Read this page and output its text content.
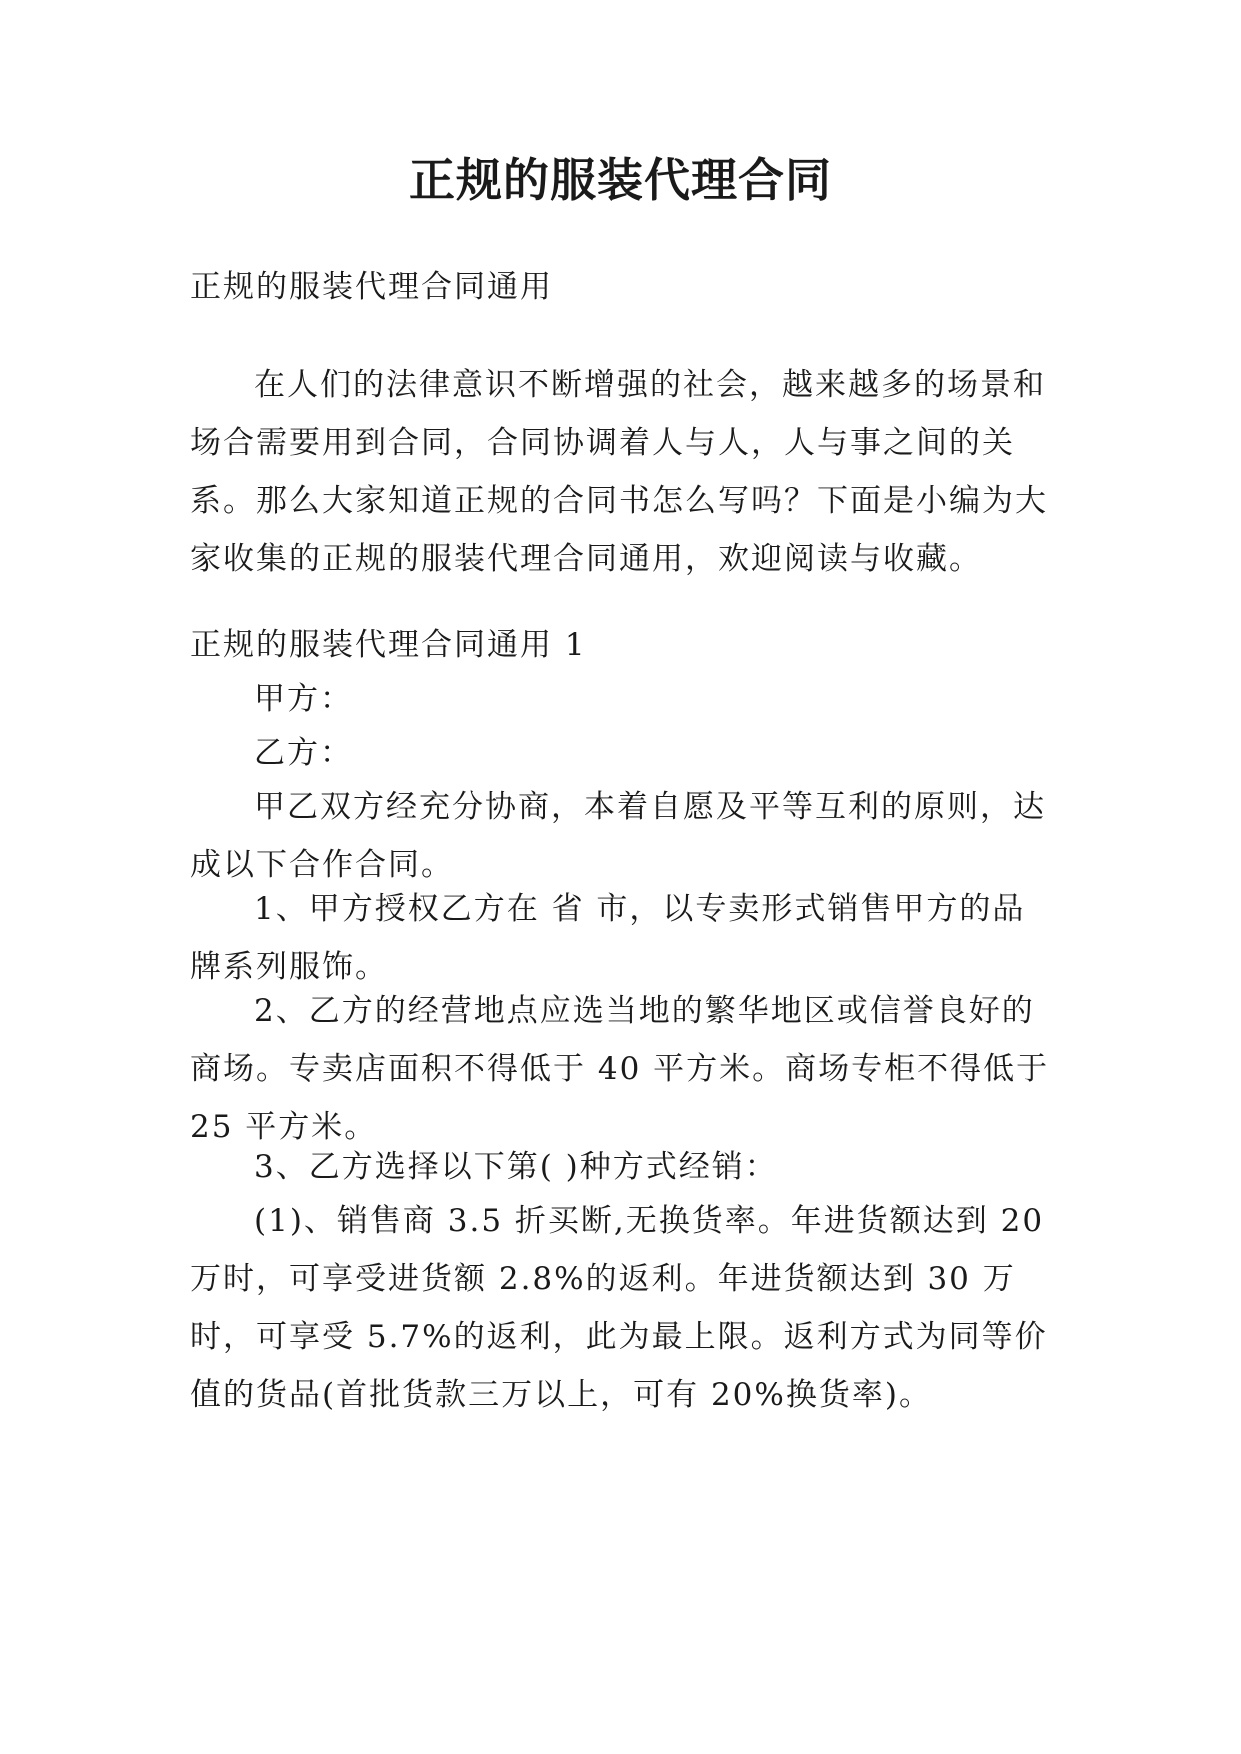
正规的服装代理合同
正规的服装代理合同通用
在人们的法律意识不断增强的社会，越来越多的场景和场合需要用到合同，合同协调着人与人，人与事之间的关系。那么大家知道正规的合同书怎么写吗？下面是小编为大家收集的正规的服装代理合同通用，欢迎阅读与收藏。
正规的服装代理合同通用 1
甲方：
乙方：
甲乙双方经充分协商，本着自愿及平等互利的原则，达成以下合作合同。
1、甲方授权乙方在 省 市，以专卖形式销售甲方的品牌系列服饰。
2、乙方的经营地点应选当地的繁华地区或信誉良好的商场。专卖店面积不得低于 40 平方米。商场专柜不得低于 25 平方米。
3、乙方选择以下第( )种方式经销：
(1)、销售商 3.5 折买断,无换货率。年进货额达到 20 万时，可享受进货额 2.8%的返利。年进货额达到 30 万时，可享受 5.7%的返利，此为最上限。返利方式为同等价值的货品(首批货款三万以上，可有 20%换货率)。
